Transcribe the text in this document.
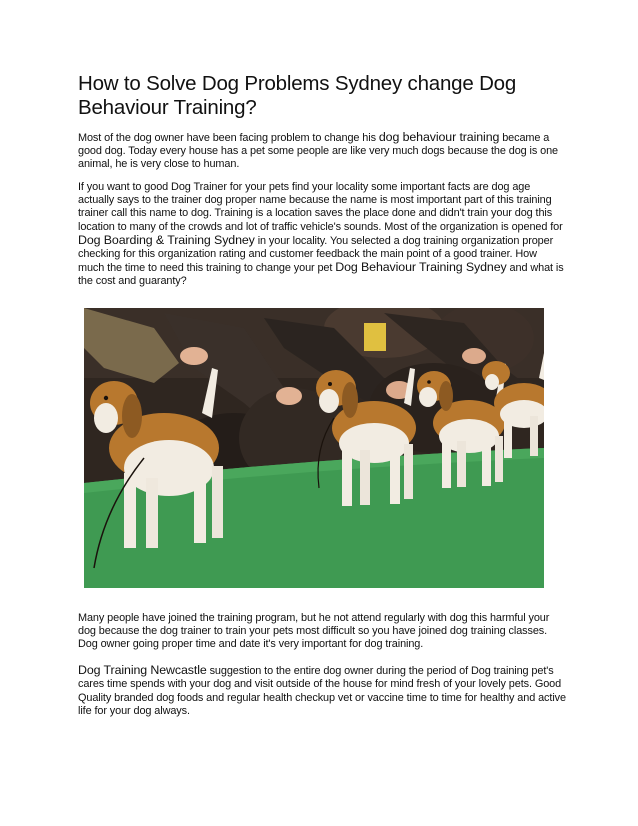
How to Solve Dog Problems Sydney change Dog Behaviour Training?

Most of the dog owner have been facing problem to change his dog behaviour training became a good dog. Today every house has a pet some people are like very much dogs because the dog is one animal, he is very close to human.

If you want to good Dog Trainer for your pets find your locality some important facts are dog age actually says to the trainer dog proper name because the name is most important part of this training trainer call this name to dog. Training is a location saves the place done and didn't train your dog this location to many of the crowds and lot of traffic vehicle's sounds. Most of the organization is opened for Dog Boarding & Training Sydney in your locality. You selected a dog training organization proper checking for this organization rating and customer feedback the main point of a good trainer. How much the time to need this training to change your pet Dog Behaviour Training Sydney and what is the cost and guaranty?

Many people have joined the training program, but he not attend regularly with dog this harmful your dog because the dog trainer to train your pets most difficult so you have joined dog training classes. Dog owner going proper time and date it's very important for dog training.

Dog Training Newcastle suggestion to the entire dog owner during the period of Dog training pet's cares time spends with your dog and visit outside of the house for mind fresh of your lovely pets. Good Quality branded dog foods and regular health checkup vet or vaccine time to time for healthy and active life for your dog always.
